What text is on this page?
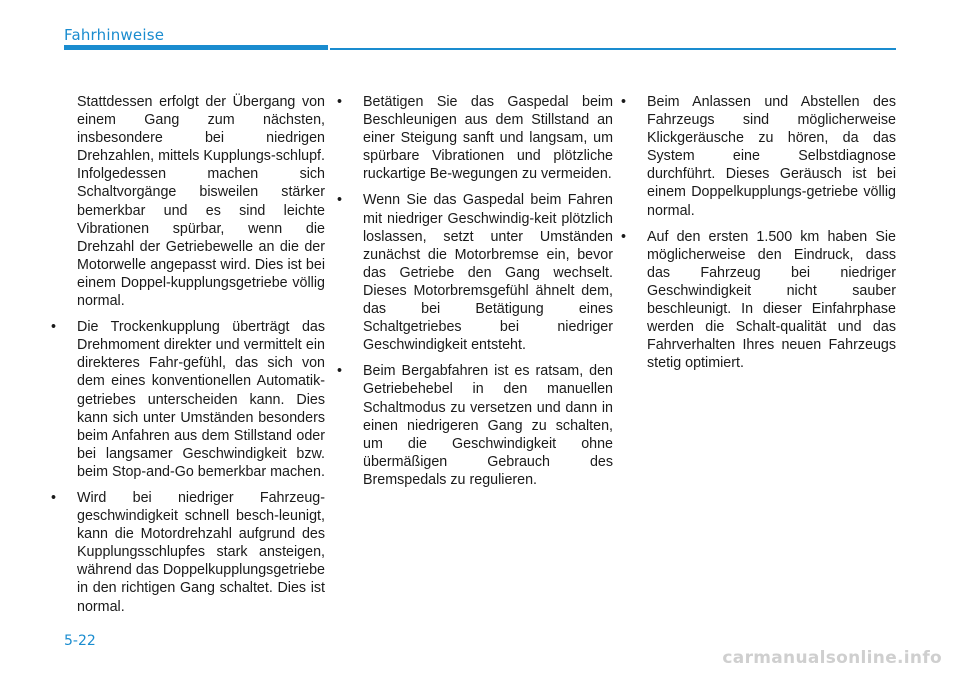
Fahrhinweise

Stattdessen erfolgt der Übergang von einem Gang zum nächsten, insbesondere bei niedrigen Drehzahlen, mittels Kupplungs-schlupf. Infolgedessen machen sich Schaltvorgänge bisweilen stärker bemerkbar und es sind leichte Vibrationen spürbar, wenn die Drehzahl der Getriebewelle an die der Motorwelle angepasst wird. Dies ist bei einem Doppel-kupplungsgetriebe völlig normal.

• Die Trockenkupplung überträgt das Drehmoment direkter und vermittelt ein direkteres Fahr-gefühl, das sich von dem eines konventionellen Automatik-getriebes unterscheiden kann. Dies kann sich unter Umständen besonders beim Anfahren aus dem Stillstand oder bei langsamer Geschwindigkeit bzw. beim Stop-and-Go bemerkbar machen.

• Wird bei niedriger Fahrzeug-geschwindigkeit schnell besch-leunigt, kann die Motordrehzahl aufgrund des Kupplungsschlupfes stark ansteigen, während das Doppelkupplungsgetriebe in den richtigen Gang schaltet. Dies ist normal.

• Betätigen Sie das Gaspedal beim Beschleunigen aus dem Stillstand an einer Steigung sanft und langsam, um spürbare Vibrationen und plötzliche ruckartige Be-wegungen zu vermeiden.

• Wenn Sie das Gaspedal beim Fahren mit niedriger Geschwindig-keit plötzlich loslassen, setzt unter Umständen zunächst die Motorbremse ein, bevor das Getriebe den Gang wechselt. Dieses Motorbremsgefühl ähnelt dem, das bei Betätigung eines Schaltgetriebes bei niedriger Geschwindigkeit entsteht.

• Beim Bergabfahren ist es ratsam, den Getriebehebel in den manuellen Schaltmodus zu versetzen und dann in einen niedrigeren Gang zu schalten, um die Geschwindigkeit ohne übermäßigen Gebrauch des Bremspedals zu regulieren.

• Beim Anlassen und Abstellen des Fahrzeugs sind möglicherweise Klickgeräusche zu hören, da das System eine Selbstdiagnose durchführt. Dieses Geräusch ist bei einem Doppelkupplungs-getriebe völlig normal.

• Auf den ersten 1.500 km haben Sie möglicherweise den Eindruck, dass das Fahrzeug bei niedriger Geschwindigkeit nicht sauber beschleunigt. In dieser Einfahrphase werden die Schalt-qualität und das Fahrverhalten Ihres neuen Fahrzeugs stetig optimiert.

5-22
carmanualsonline.info
